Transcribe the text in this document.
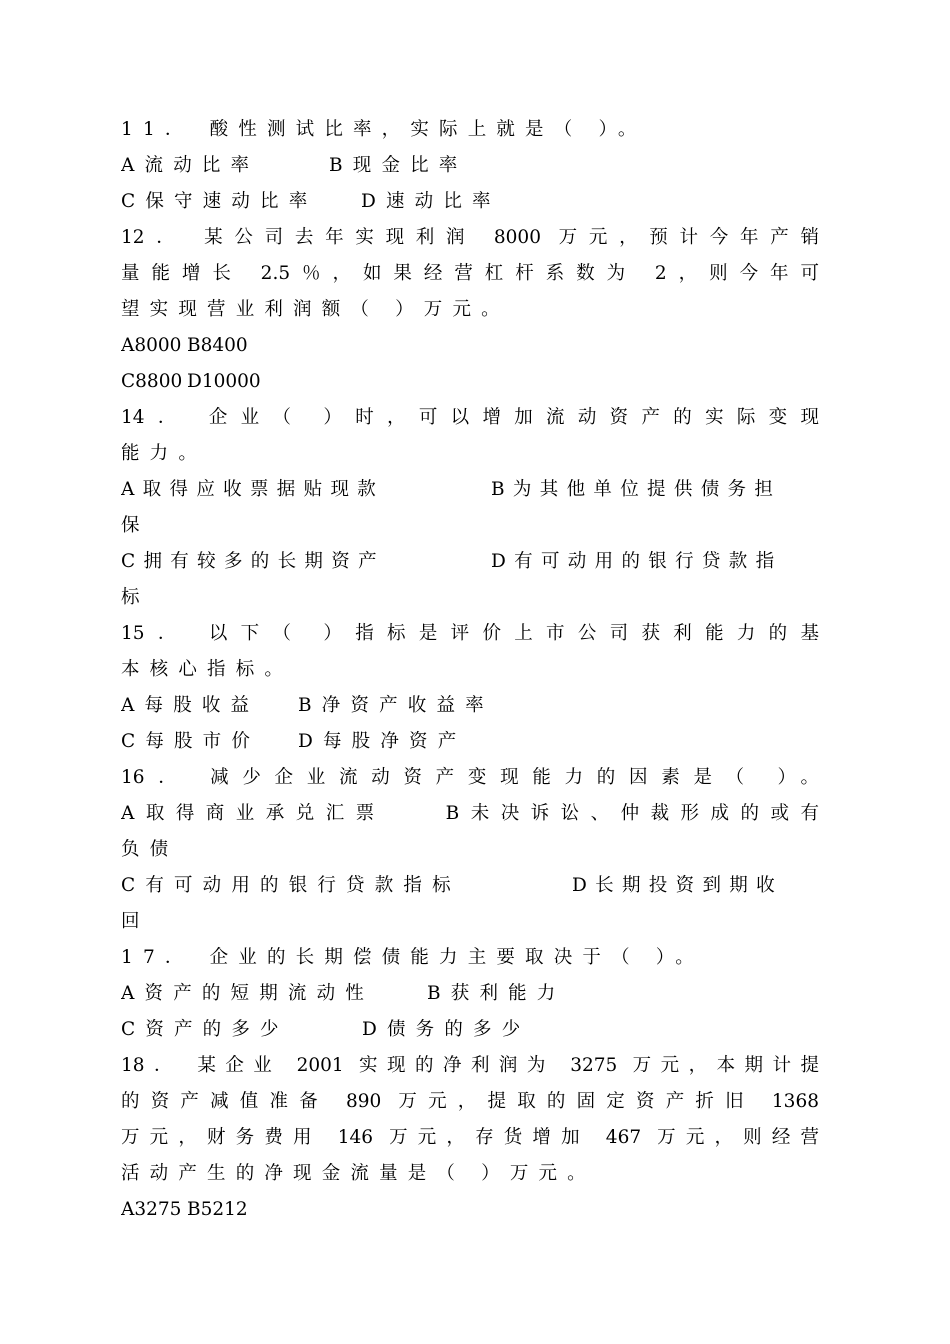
11． 酸性测试比率，实际上就是（ ）。
A流动比率	B现金比率
C保守速动比率 D速动比率
12． 某公司去年实现利润 8000 万元，预计今年产销
量能增长 2.5％，如果经营杠杆系数为 2，则今年可
望实现营业利润额（ ）万元。
A8000 B8400
C8800 D10000
14． 企业（ ）时，可以增加流动资产的实际变现
能力。
A取得应收票据贴现款	B为其他单位提供债务担
保
C拥有较多的长期资产	D有可动用的银行贷款指
标
15． 以下（ ）指标是评价上市公司获利能力的基
本核心指标。
A每股收益 B净资产收益率
C每股市价 D每股净资产
16． 减少企业流动资产变现能力的因素是（ ）。
A取得商业承兑汇票　　	B未决诉讼、仲裁形成的或有
负债
C有可动用的银行贷款指标	D长期投资到期收
回
17． 企业的长期偿债能力主要取决于（ ）。
A资产的短期流动性	B获利能力
C资产的多少	D债务的多少
18． 某企业 2001 实现的净利润为 3275 万元，本期计提
的资产减值准备 890 万元，提取的固定资产折旧 1368
万元，财务费用 146 万元，存货增加 467 万元，则经营
活动产生的净现金流量是（ ）万元。
A3275 B5212
